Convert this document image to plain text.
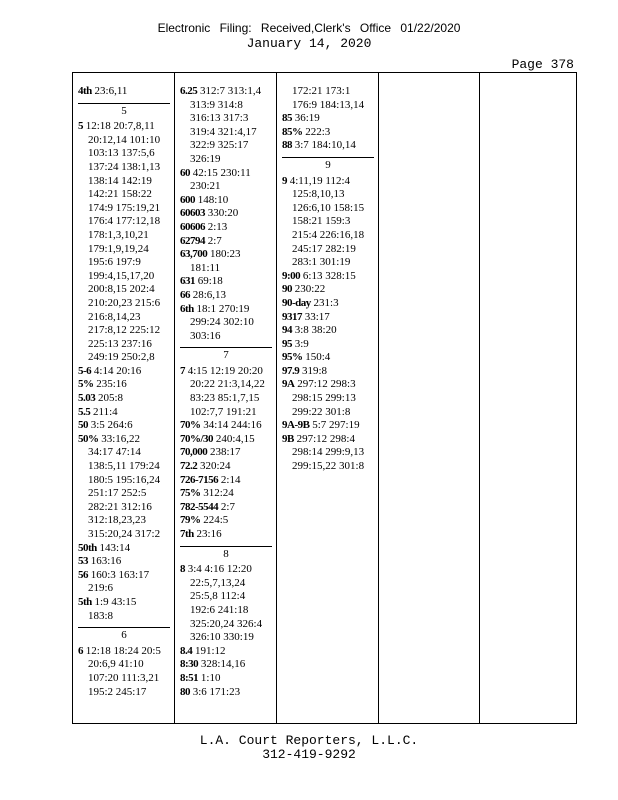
Electronic Filing: Received,Clerk's Office 01/22/2020
January 14, 2020
Page 378
4th 23:6,11
5
5 12:18 20:7,8,11
20:12,14 101:10
103:13 137:5,6
137:24 138:1,13
138:14 142:19
142:21 158:22
174:9 175:19,21
176:4 177:12,18
178:1,3,10,21
179:1,9,19,24
195:6 197:9
199:4,15,17,20
200:8,15 202:4
210:20,23 215:6
216:8,14,23
217:8,12 225:12
225:13 237:16
249:19 250:2,8
5-6 4:14 20:16
5% 235:16
5.03 205:8
5.5 211:4
50 3:5 264:6
50% 33:16,22
34:17 47:14
138:5,11 179:24
180:5 195:16,24
251:17 252:5
282:21 312:16
312:18,23,23
315:20,24 317:2
50th 143:14
53 163:16
56 160:3 163:17
219:6
5th 1:9 43:15
183:8
6
6 12:18 18:24 20:5
20:6,9 41:10
107:20 111:3,21
195:2 245:17
6.25 312:7 313:1,4
313:9 314:8
316:13 317:3
319:4 321:4,17
322:9 325:17
326:19
60 42:15 230:11
230:21
600 148:10
60603 330:20
60606 2:13
62794 2:7
63,700 180:23
181:11
631 69:18
66 28:6,13
6th 18:1 270:19
299:24 302:10
303:16
7
7 4:15 12:19 20:20
20:22 21:3,14,22
83:23 85:1,7,15
102:7,7 191:21
70% 34:14 244:16
70%/30 240:4,15
70,000 238:17
72.2 320:24
726-7156 2:14
75% 312:24
782-5544 2:7
79% 224:5
7th 23:16
8
8 3:4 4:16 12:20
22:5,7,13,24
25:5,8 112:4
192:6 241:18
325:20,24 326:4
326:10 330:19
8.4 191:12
8:30 328:14,16
8:51 1:10
80 3:6 171:23
172:21 173:1
176:9 184:13,14
85 36:19
85% 222:3
88 3:7 184:10,14
9
9 4:11,19 112:4
125:8,10,13
126:6,10 158:15
158:21 159:3
215:4 226:16,18
245:17 282:19
283:1 301:19
9:00 6:13 328:15
90 230:22
90-day 231:3
9317 33:17
94 3:8 38:20
95 3:9
95% 150:4
97.9 319:8
9A 297:12 298:3
298:15 299:13
299:22 301:8
9A-9B 5:7 297:19
9B 297:12 298:4
298:14 299:9,13
299:15,22 301:8
L.A. Court Reporters, L.L.C.
312-419-9292
